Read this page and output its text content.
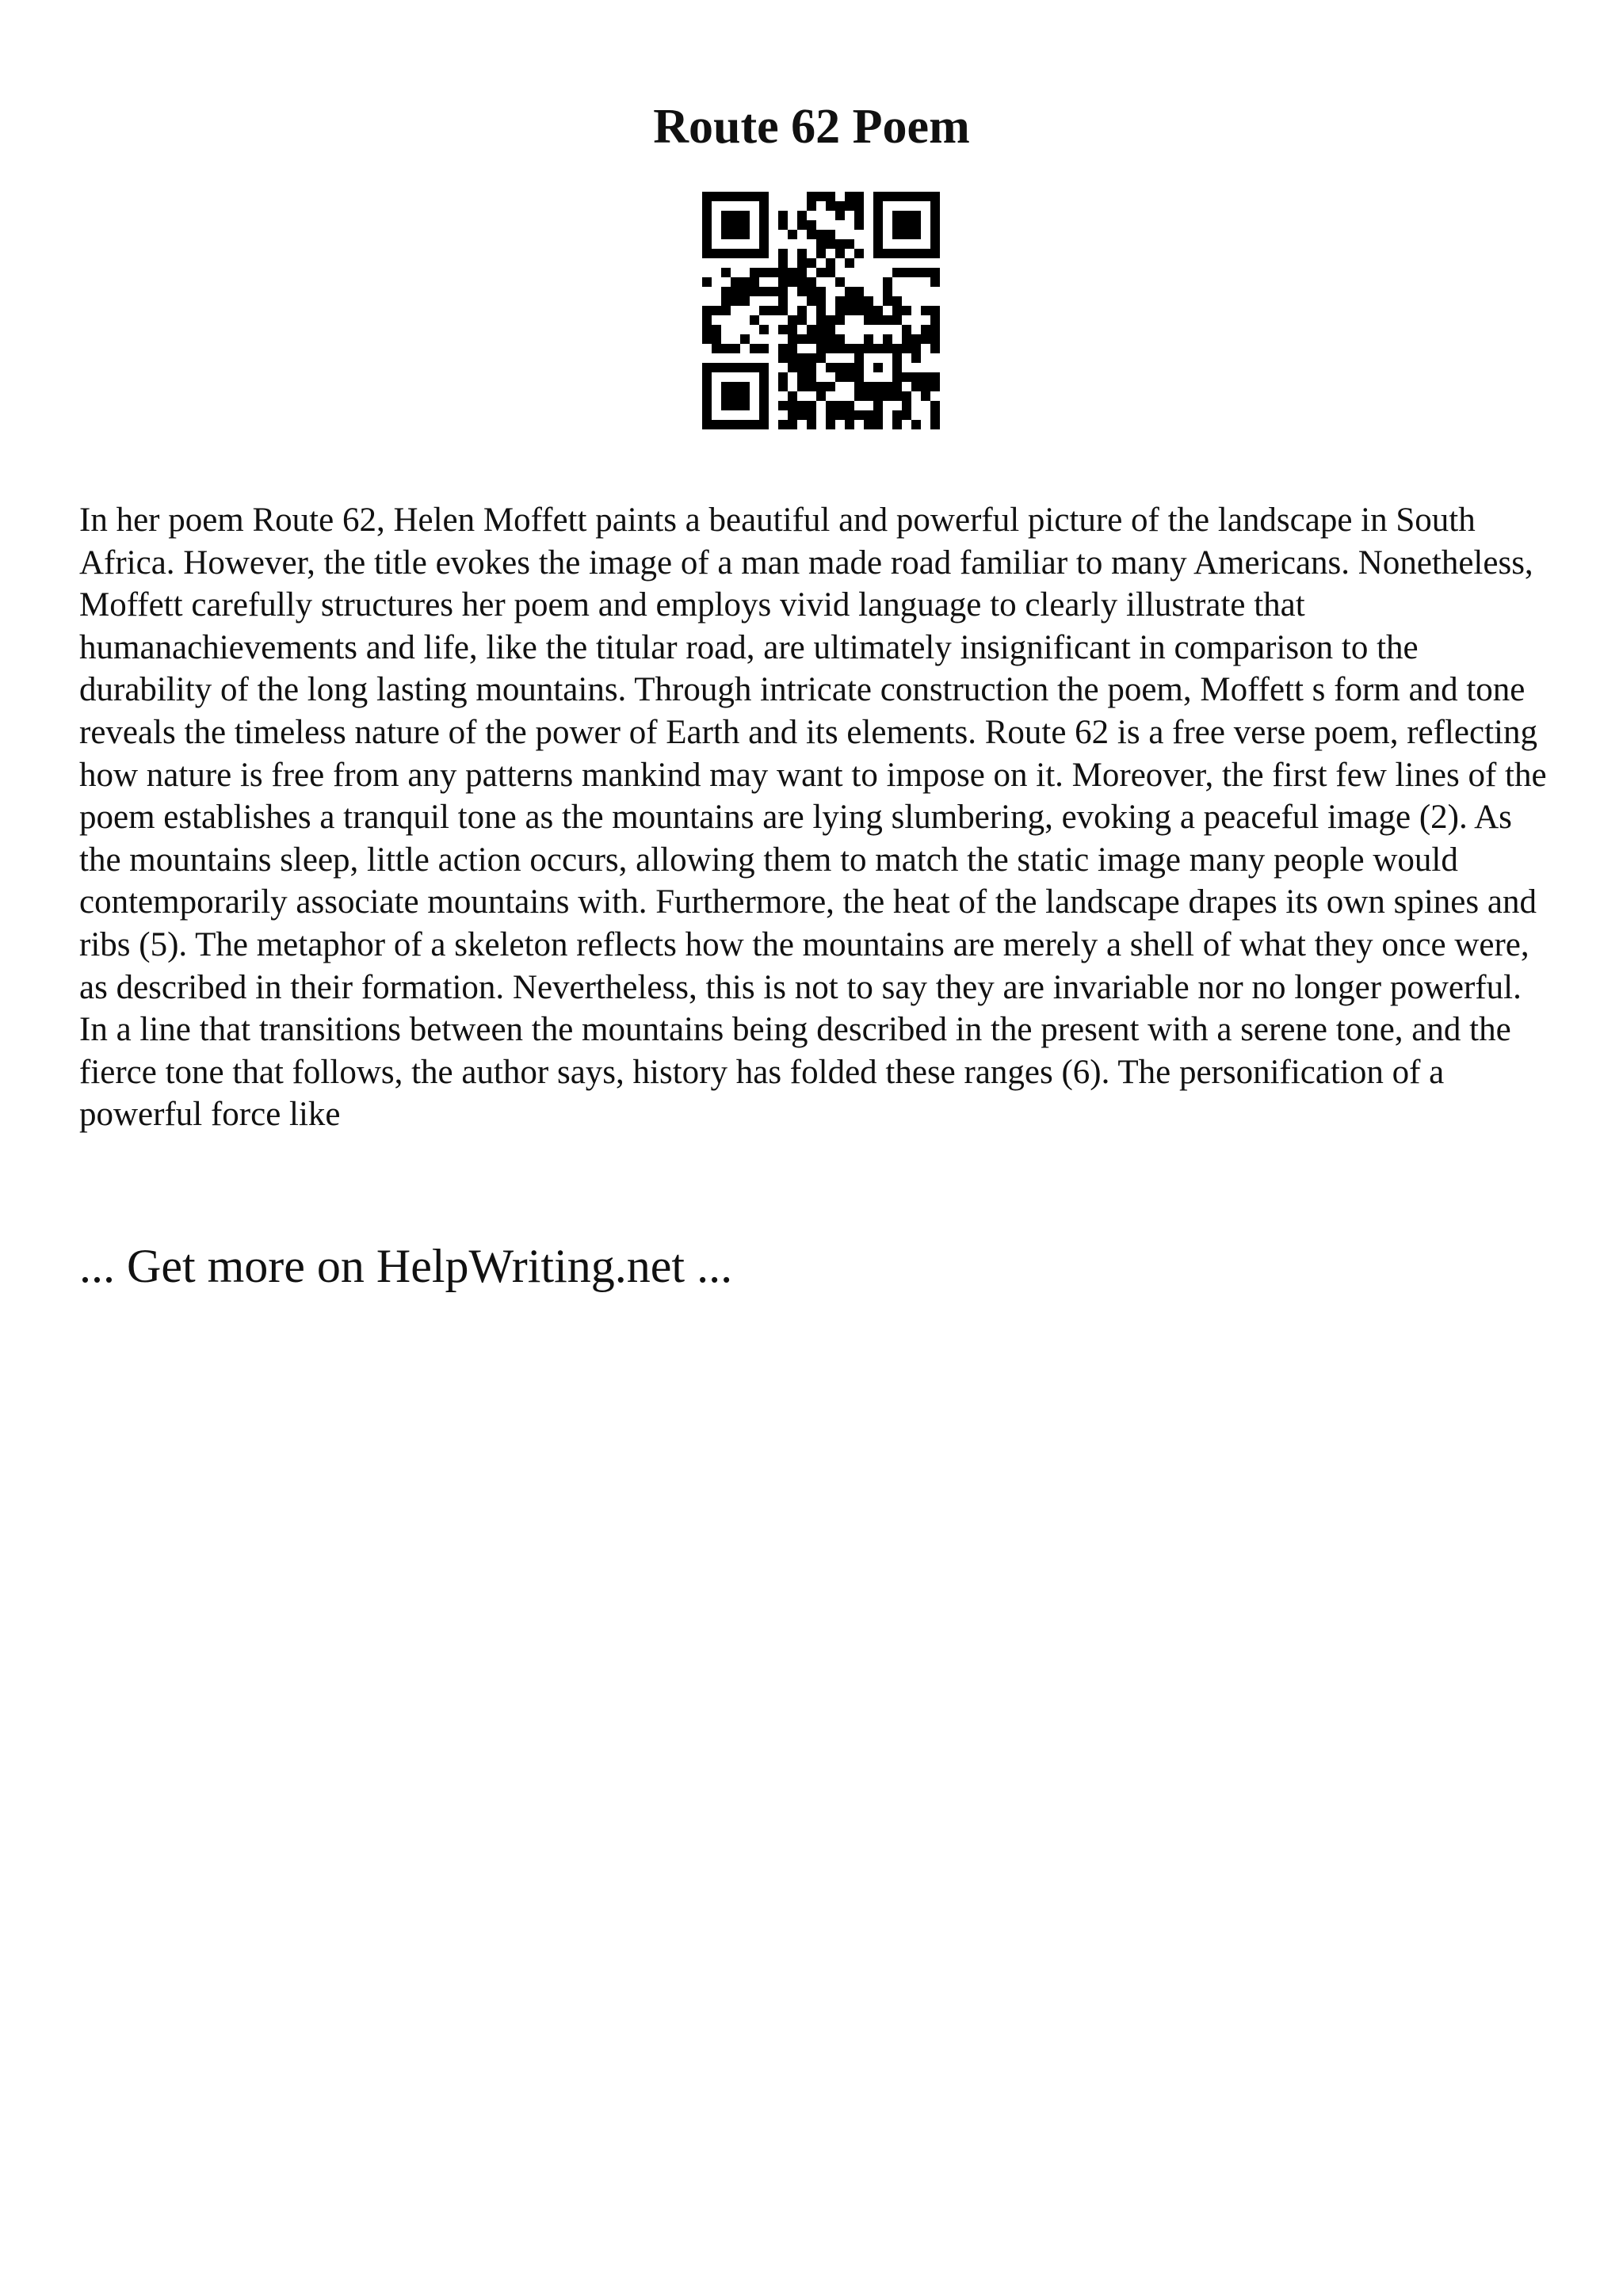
Route 62 Poem

In her poem Route 62, Helen Moffett paints a beautiful and powerful picture of the landscape in South Africa. However, the title evokes the image of a man made road familiar to many Americans. Nonetheless, Moffett carefully structures her poem and employs vivid language to clearly illustrate that humanachievements and life, like the titular road, are ultimately insignificant in comparison to the durability of the long lasting mountains. Through intricate construction the poem, Moffett s form and tone reveals the timeless nature of the power of Earth and its elements. Route 62 is a free verse poem, reflecting how nature is free from any patterns mankind may want to impose on it. Moreover, the first few lines of the poem establishes a tranquil tone as the mountains are lying slumbering, evoking a peaceful image (2). As the mountains sleep, little action occurs, allowing them to match the static image many people would contemporarily associate mountains with. Furthermore, the heat of the landscape drapes its own spines and ribs (5). The metaphor of a skeleton reflects how the mountains are merely a shell of what they once were, as described in their formation. Nevertheless, this is not to say they are invariable nor no longer powerful. In a line that transitions between the mountains being described in the present with a serene tone, and the fierce tone that follows, the author says, history has folded these ranges (6). The personification of a powerful force like

... Get more on HelpWriting.net ...
